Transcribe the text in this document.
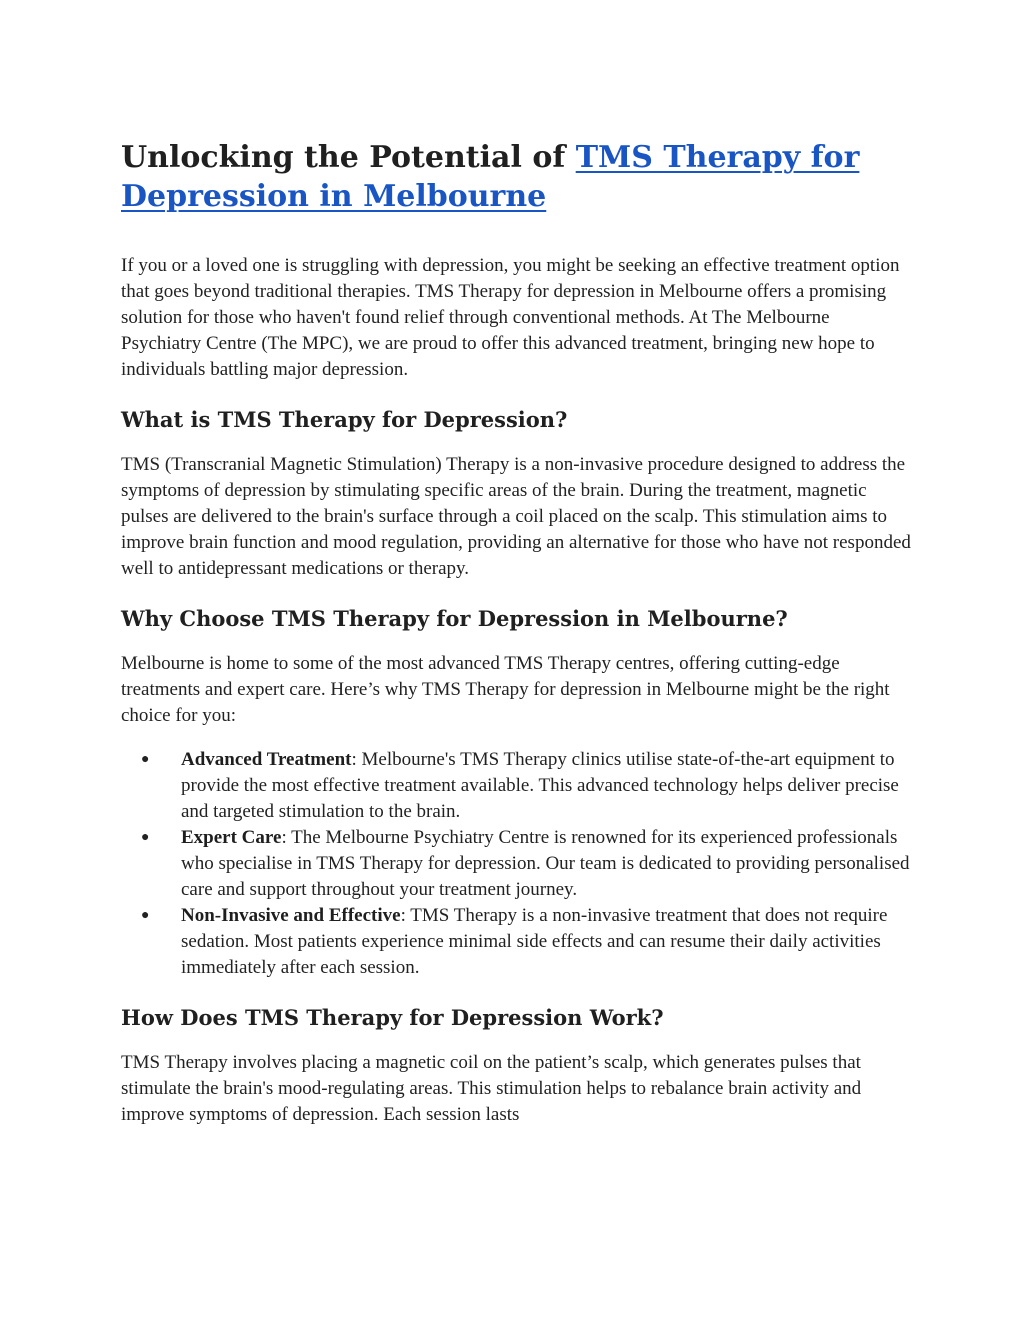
Unlocking the Potential of TMS Therapy for Depression in Melbourne

If you or a loved one is struggling with depression, you might be seeking an effective treatment option that goes beyond traditional therapies. TMS Therapy for depression in Melbourne offers a promising solution for those who haven't found relief through conventional methods. At The Melbourne Psychiatry Centre (The MPC), we are proud to offer this advanced treatment, bringing new hope to individuals battling major depression.

What is TMS Therapy for Depression?

TMS (Transcranial Magnetic Stimulation) Therapy is a non-invasive procedure designed to address the symptoms of depression by stimulating specific areas of the brain. During the treatment, magnetic pulses are delivered to the brain's surface through a coil placed on the scalp. This stimulation aims to improve brain function and mood regulation, providing an alternative for those who have not responded well to antidepressant medications or therapy.

Why Choose TMS Therapy for Depression in Melbourne?

Melbourne is home to some of the most advanced TMS Therapy centres, offering cutting-edge treatments and expert care. Here’s why TMS Therapy for depression in Melbourne might be the right choice for you:

● Advanced Treatment: Melbourne's TMS Therapy clinics utilise state-of-the-art equipment to provide the most effective treatment available. This advanced technology helps deliver precise and targeted stimulation to the brain.
● Expert Care: The Melbourne Psychiatry Centre is renowned for its experienced professionals who specialise in TMS Therapy for depression. Our team is dedicated to providing personalised care and support throughout your treatment journey.
● Non-Invasive and Effective: TMS Therapy is a non-invasive treatment that does not require sedation. Most patients experience minimal side effects and can resume their daily activities immediately after each session.
How Does TMS Therapy for Depression Work?

TMS Therapy involves placing a magnetic coil on the patient’s scalp, which generates pulses that stimulate the brain's mood-regulating areas. This stimulation helps to rebalance brain activity and improve symptoms of depression. Each session lasts
